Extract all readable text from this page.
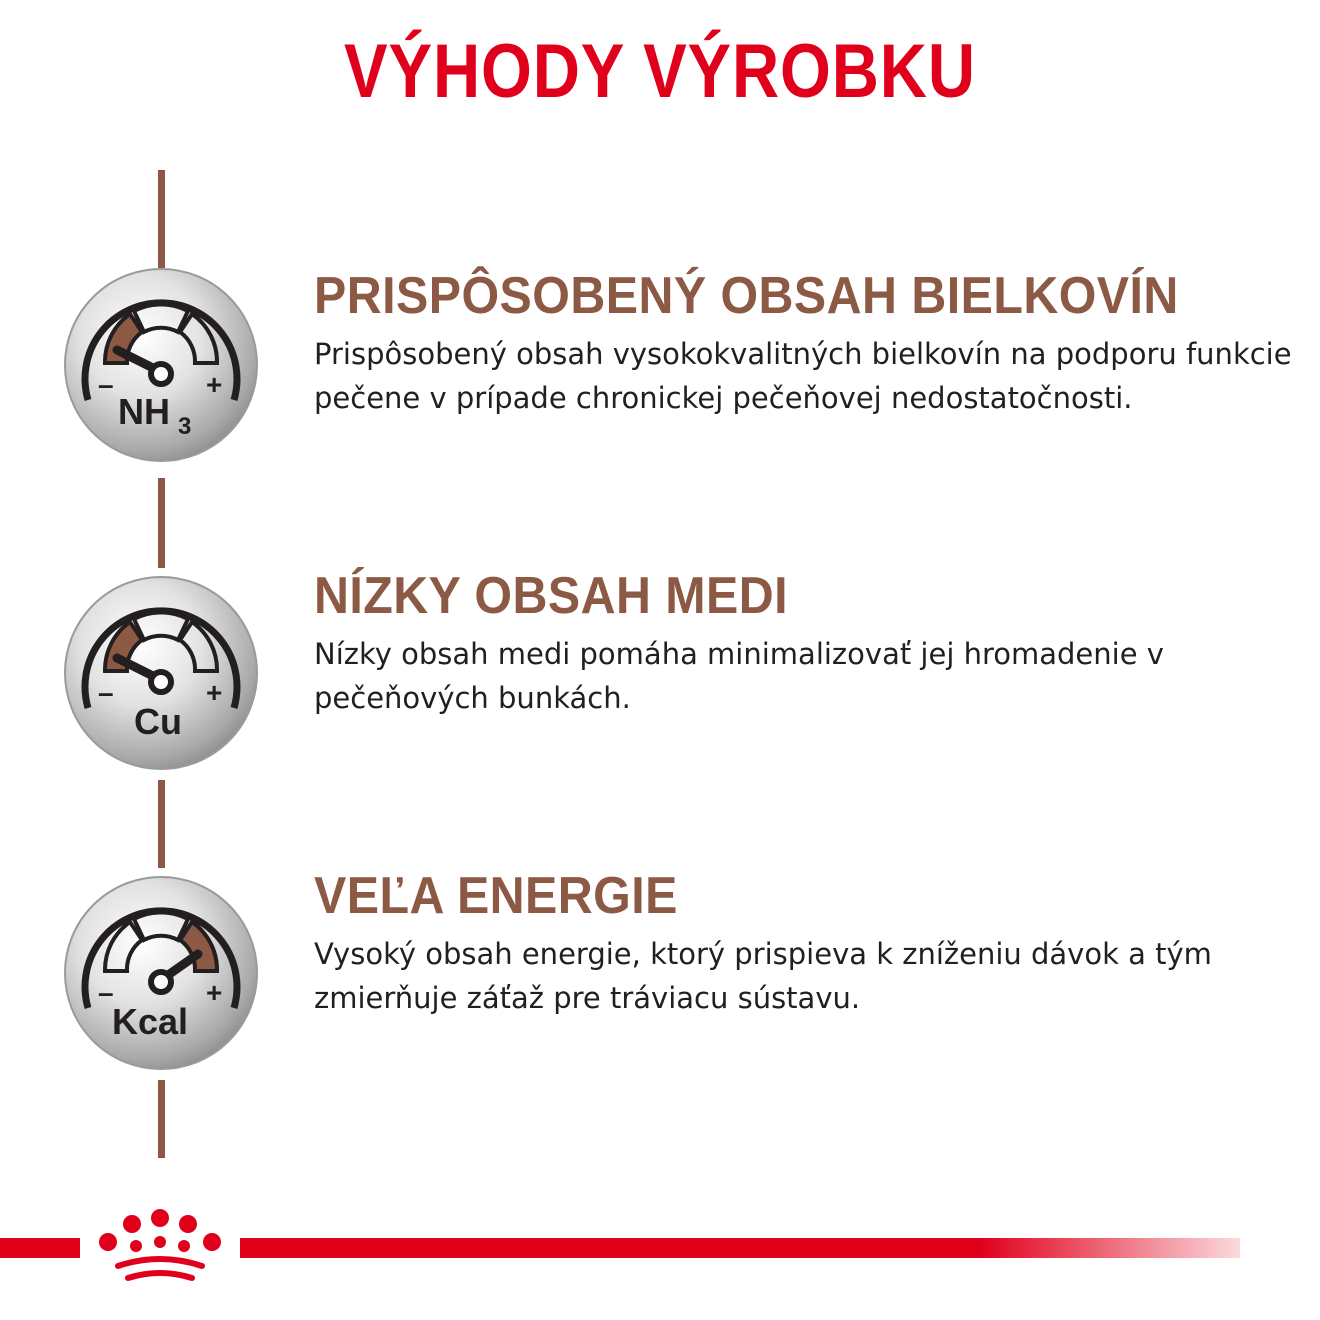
VÝHODY VÝROBKU
–	+
NH 3
–	+
Cu
–	+
Kcal
PRISPÔSOBENÝ OBSAH BIELKOVÍN

Prispôsobený obsah vysokokvalitných bielkovín na podporu funkcie pečene v prípade chronickej pečeňovej nedostatočnosti.

NÍZKY OBSAH MEDI

Nízky obsah medi pomáha minimalizovať jej hromadenie v pečeňových bunkách.

VEĽA ENERGIE

Vysoký obsah energie, ktorý prispieva k zníženiu dávok a tým zmierňuje záťaž pre tráviacu sústavu.
